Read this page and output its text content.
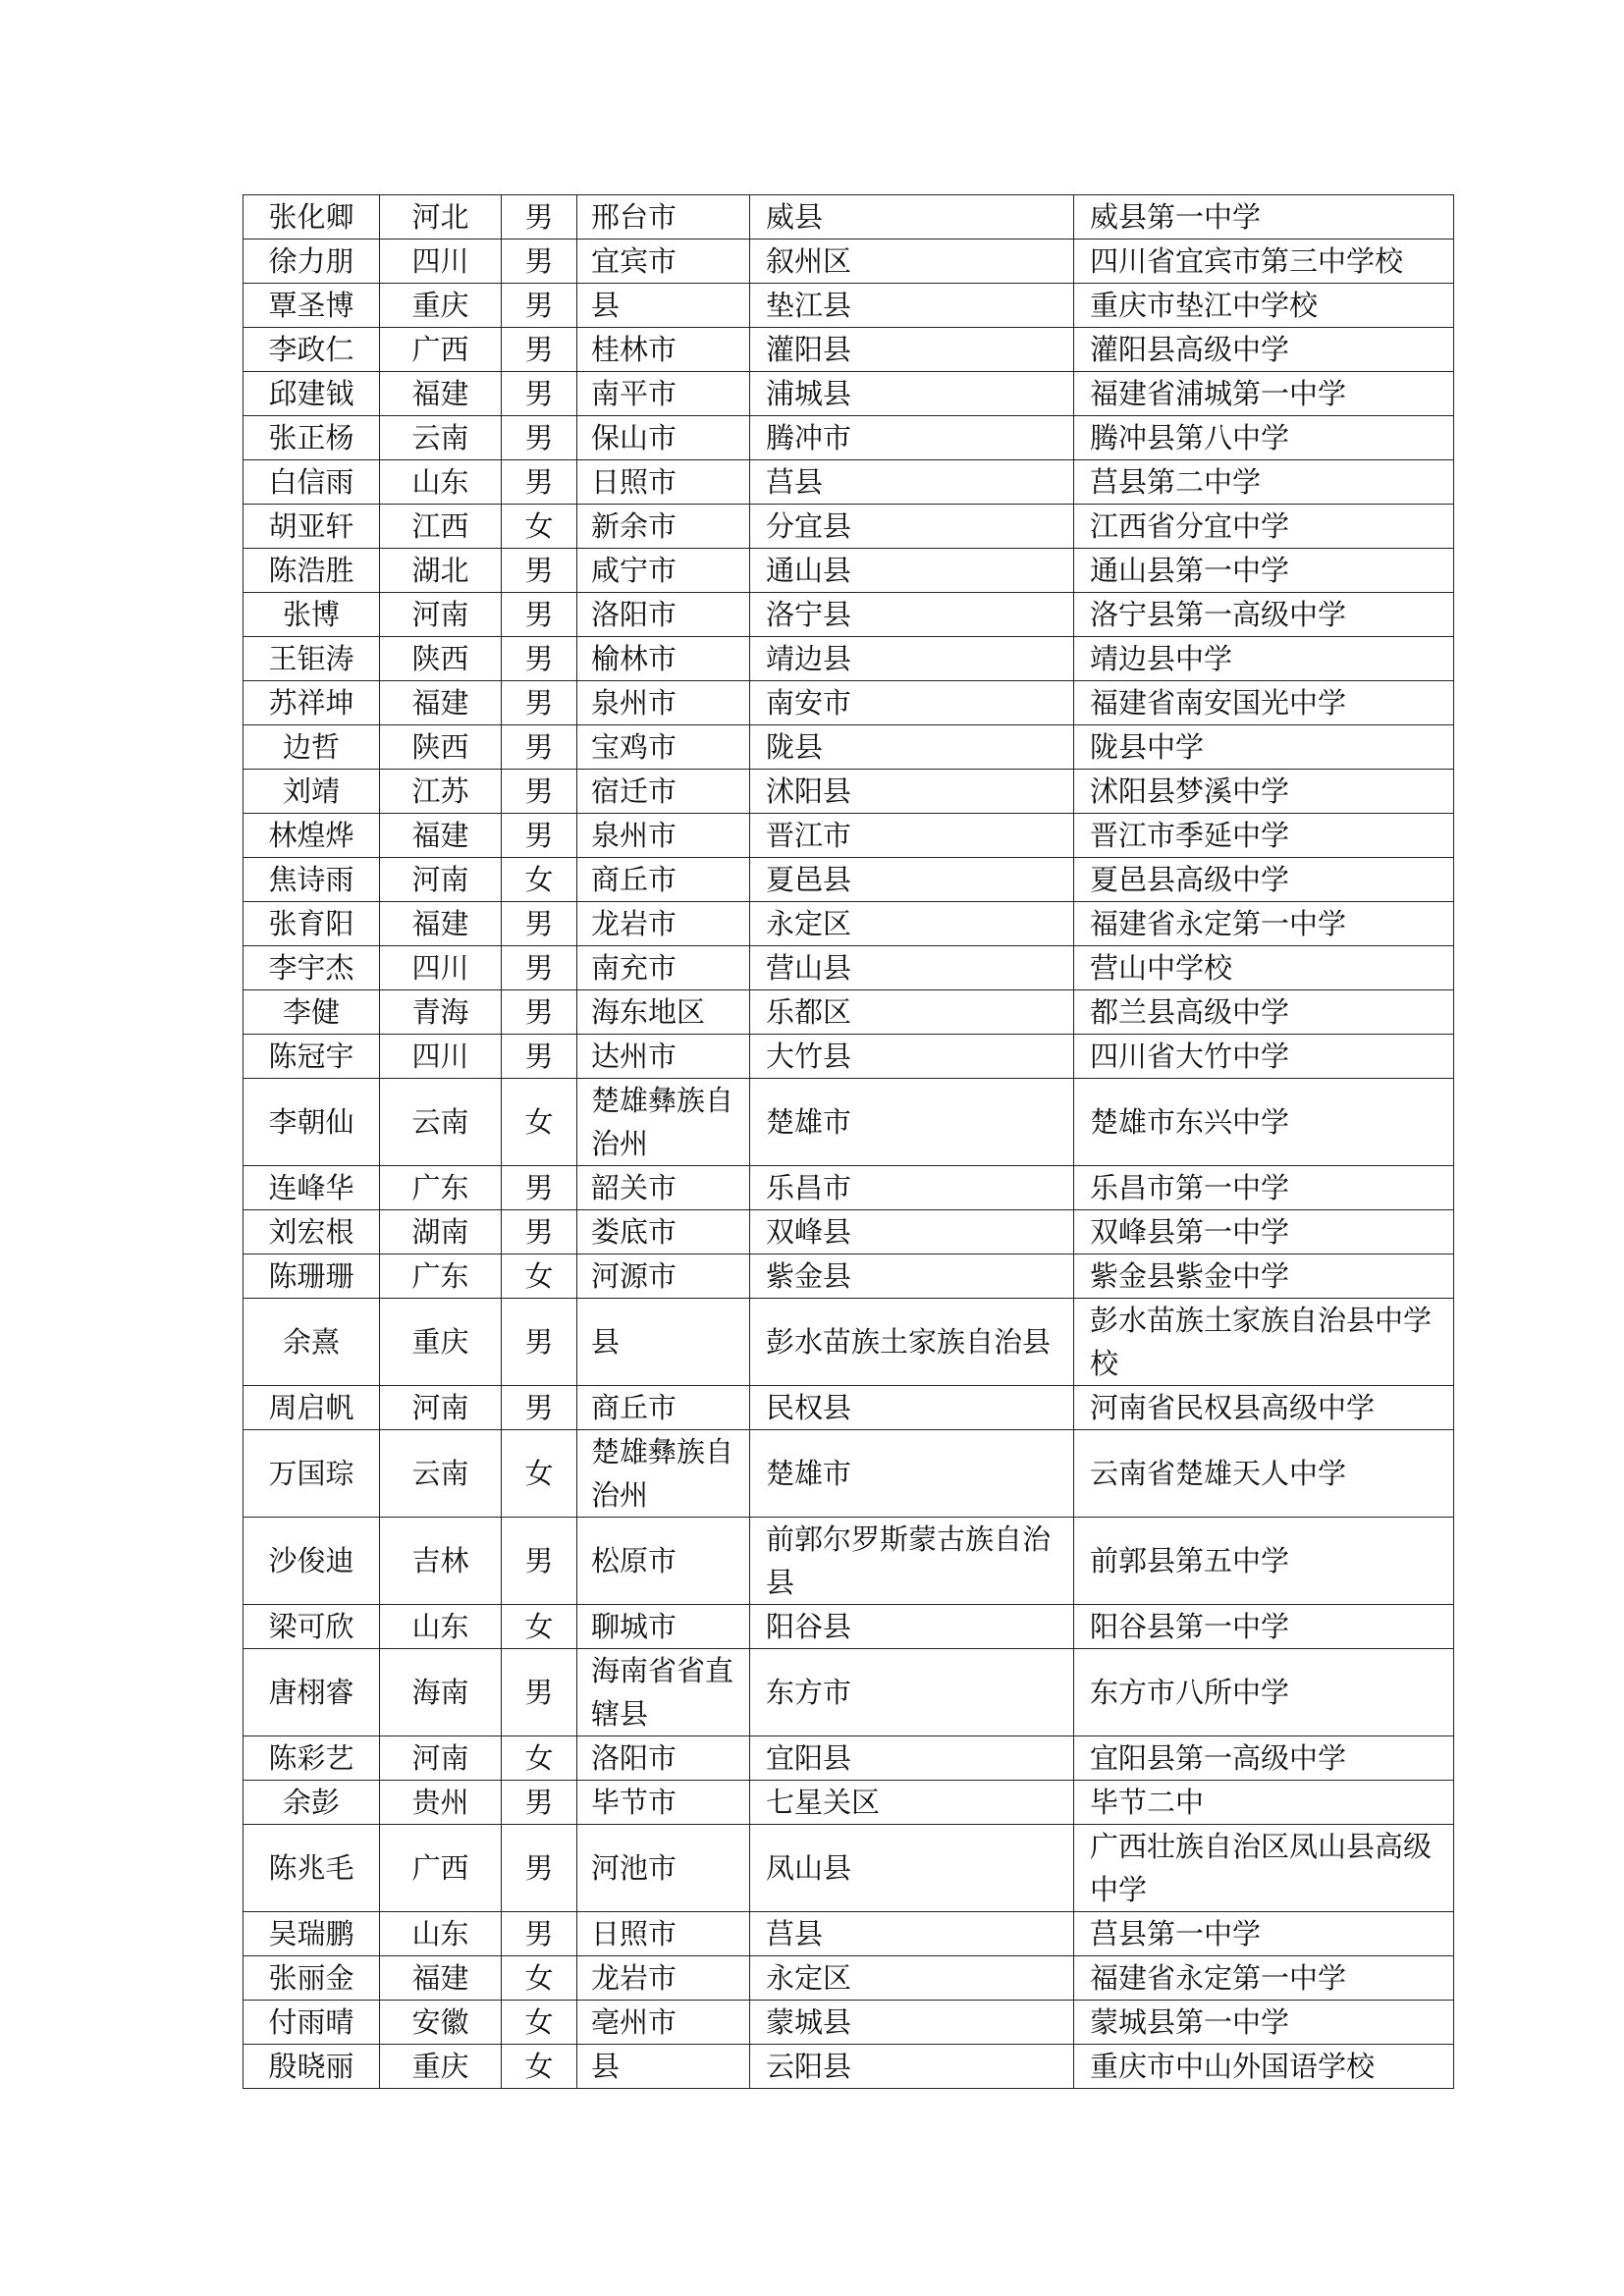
张化卿	河北	男	邢台市	威县	威县第一中学
徐力朋	四川	男	宜宾市	叙州区	四川省宜宾市第三中学校
覃圣博	重庆	男	县	垫江县	重庆市垫江中学校
李政仁	广西	男	桂林市	灌阳县	灌阳县高级中学
邱建钺	福建	男	南平市	浦城县	福建省浦城第一中学
张正杨	云南	男	保山市	腾冲市	腾冲县第八中学
白信雨	山东	男	日照市	莒县	莒县第二中学
胡亚轩	江西	女	新余市	分宜县	江西省分宜中学
陈浩胜	湖北	男	咸宁市	通山县	通山县第一中学
张博	河南	男	洛阳市	洛宁县	洛宁县第一高级中学
王钜涛	陕西	男	榆林市	靖边县	靖边县中学
苏祥坤	福建	男	泉州市	南安市	福建省南安国光中学
边哲	陕西	男	宝鸡市	陇县	陇县中学
刘靖	江苏	男	宿迁市	沭阳县	沭阳县梦溪中学
林煌烨	福建	男	泉州市	晋江市	晋江市季延中学
焦诗雨	河南	女	商丘市	夏邑县	夏邑县高级中学
张育阳	福建	男	龙岩市	永定区	福建省永定第一中学
李宇杰	四川	男	南充市	营山县	营山中学校
李健	青海	男	海东地区	乐都区	都兰县高级中学
陈冠宇	四川	男	达州市	大竹县	四川省大竹中学
李朝仙	云南	女	楚雄彝族自治州	楚雄市	楚雄市东兴中学
连峰华	广东	男	韶关市	乐昌市	乐昌市第一中学
刘宏根	湖南	男	娄底市	双峰县	双峰县第一中学
陈珊珊	广东	女	河源市	紫金县	紫金县紫金中学
余熹	重庆	男	县	彭水苗族土家族自治县	彭水苗族土家族自治县中学校
周启帆	河南	男	商丘市	民权县	河南省民权县高级中学
万国琮	云南	女	楚雄彝族自治州	楚雄市	云南省楚雄天人中学
沙俊迪	吉林	男	松原市	前郭尔罗斯蒙古族自治县	前郭县第五中学
梁可欣	山东	女	聊城市	阳谷县	阳谷县第一中学
唐栩睿	海南	男	海南省省直辖县	东方市	东方市八所中学
陈彩艺	河南	女	洛阳市	宜阳县	宜阳县第一高级中学
余彭	贵州	男	毕节市	七星关区	毕节二中
陈兆毛	广西	男	河池市	凤山县	广西壮族自治区凤山县高级中学
吴瑞鹏	山东	男	日照市	莒县	莒县第一中学
张丽金	福建	女	龙岩市	永定区	福建省永定第一中学
付雨晴	安徽	女	亳州市	蒙城县	蒙城县第一中学
殷晓丽	重庆	女	县	云阳县	重庆市中山外国语学校
